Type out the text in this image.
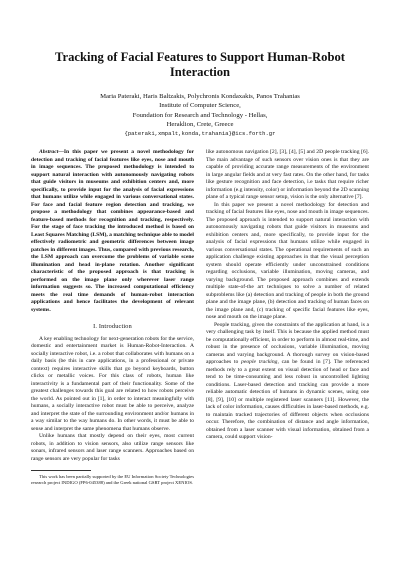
Tracking of Facial Features to Support Human-Robot Interaction
Maria Pateraki, Haris Baltzakis, Polychronis Kondaxakis, Panos Trahanias
Institute of Computer Science,
Foundation for Research and Technology - Hellas,
Heraklion, Crete, Greece
{pateraki,xmpalt,konda,trahania}@ics.forth.gr

Abstract—In this paper we present a novel methodology for detection and tracking of facial features like eyes, nose and mouth in image sequences. The proposed methodology is intended to support natural interaction with autonomously navigating robots that guide visitors in museums and exhibition centers and, more specifically, to provide input for the analysis of facial expressions that humans utilize while engaged in various conversational states. For face and facial feature region detection and tracking, we propose a methodology that combines appearance-based and feature-based methods for recognition and tracking, respectively. For the stage of face tracking the introduced method is based on Least Squares Matching (LSM), a matching technique able to model effectively radiometric and geometric differences between image patches in different images. Thus, compared with previous research, the LSM approach can overcome the problems of variable scene illumination and head in-plane rotation. Another significant characteristic of the proposed approach is that tracking is performed on the image plane only wherever laser range information suggests so. The increased computational efficiency meets the real time demands of human-robot interaction applications and hence facilitates the development of relevant systems.

I. Introduction

A key enabling technology for next-generation robots for the service, domestic and entertainment market is Human-Robot-Interaction. A socially interactive robot, i.e. a robot that collaborates with humans on a daily basis (be this in care applications, in a professional or private context) requires interactive skills that go beyond keyboards, button clicks or metallic voices. For this class of robots, human like interactivity is a fundamental part of their functionality. Some of the greatest challenges towards this goal are related to how robots perceive the world. As pointed out in [1], in order to interact meaningfully with humans, a socially interactive robot must be able to perceive, analyze and interpret the state of the surrounding environment and/or humans in a way similar to the way humans do. In other words, it must be able to sense and interpret the same phenomena that humans observe.

Unlike humans that mostly depend on their eyes, most current robots, in addition to vision sensors, also utilize range sensors like sonars, infrared sensors and laser range scanners. Approaches based on range sensors are very popular for tasks

This work has been partially supported by the EU Information Society Technologies research project INDIGO (FP6-045388) and the Greek national GSRT project XENIOS.

like autonomous navigation [2], [3], [4], [5] and 2D people tracking [6]. The main advantage of such sensors over vision ones is that they are capable of providing accurate range measurements of the environment in large angular fields and at very fast rates. On the other hand, for tasks like gesture recognition and face detection, i.e tasks that require richer information (e.g intensity, color) or information beyond the 2D scanning plane of a typical range sensor setup, vision is the only alternative [7].

In this paper we present a novel methodology for detection and tracking of facial features like eyes, nose and mouth in image sequences. The proposed approach is intended to support natural interaction with autonomously navigating robots that guide visitors in museums and exhibition centers and, more specifically, to provide input for the analysis of facial expressions that humans utilize while engaged in various conversational states. The operational requirements of such an application challenge existing approaches in that the visual perception system should operate efficiently under unconstrained conditions regarding occlusions, variable illumination, moving cameras, and varying background. The proposed approach combines and extends multiple state-of-the art techniques to solve a number of related subproblems like (a) detection and tracking of people in both the ground plane and the image plane, (b) detection and tracking of human faces on the image plane and, (c) tracking of specific facial features like eyes, nose and mouth on the image plane.

People tracking, given the constraints of the application at hand, is a very challenging task by itself. This is because the applied method must be computationally efficient, in order to perform in almost real-time, and robust in the presence of occlusions, variable illumination, moving cameras and varying background. A thorough survey on vision-based approaches to people tracking, can be found in [7]. The referenced methods rely to a great extent on visual detection of head or face and tend to be time-consuming and less robust in uncontrolled lighting conditions. Laser-based detection and tracking can provide a more reliable automatic detection of humans in dynamic scenes, using one [8], [9], [10] or multiple registered laser scanners [11]. However, the lack of color information, causes difficulties in laser-based methods, e.g. to maintain tracked trajectories of different objects when occlusions occur. Therefore, the combination of distance and angle information, obtained from a laser scanner with visual information, obtained from a camera, could support vision-
